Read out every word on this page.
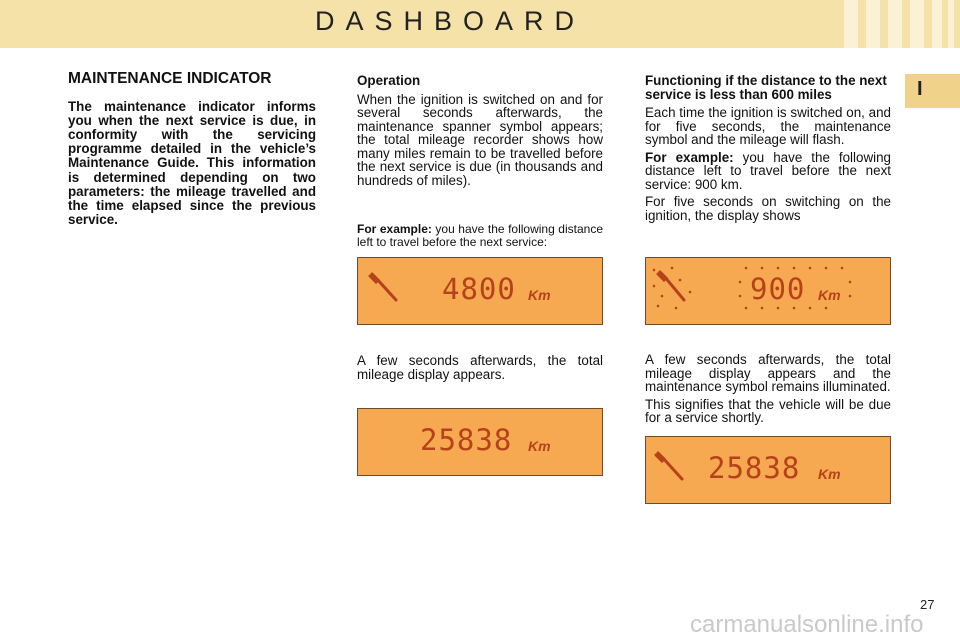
DASHBOARD
I
MAINTENANCE INDICATOR

The maintenance indicator informs you when the next service is due, in conformity with the servicing programme detailed in the vehicle’s Maintenance Guide. This information is determined depending on two parameters: the mileage travelled and the time elapsed since the previous service.

Operation

When the ignition is switched on and for several seconds afterwards, the maintenance spanner symbol appears; the total mileage recorder shows how many miles remain to be travelled before the next service is due (in thousands and hundreds of miles).

For example: you have the following distance left to travel before the next service:

4800 Km

A few seconds afterwards, the total mileage display appears.

25838 Km
Functioning if the distance to the next service is less than 600 miles

Each time the ignition is switched on, and for five seconds, the maintenance symbol and the mileage will flash.

For example: you have the following distance left to travel before the next service: 900 km.

For five seconds on switching on the ignition, the display shows

900 Km

A few seconds afterwards, the total mileage display appears and the maintenance symbol remains illuminated.

This signifies that the vehicle will be due for a service shortly.

25838 Km
27
carmanualsonline.info
